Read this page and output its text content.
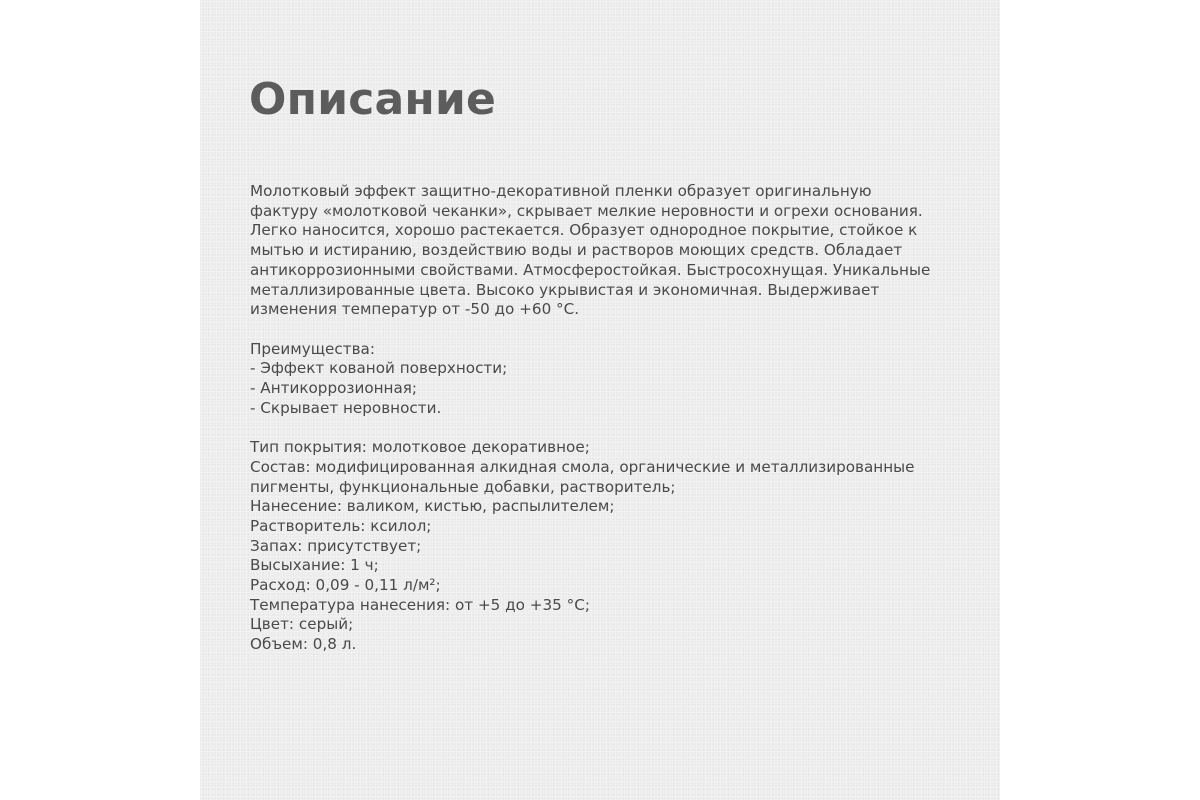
Описание

Молотковый эффект защитно-декоративной пленки образует оригинальную
фактуру «молотковой чеканки», скрывает мелкие неровности и огрехи основания.
Легко наносится, хорошо растекается. Образует однородное покрытие, стойкое к
мытью и истиранию, воздействию воды и растворов моющих средств. Обладает
антикоррозионными свойствами. Атмосферостойкая. Быстросохнущая. Уникальные
металлизированные цвета. Высоко укрывистая и экономичная. Выдерживает
изменения температур от -50 до +60 °С.

Преимущества:

- Эффект кованой поверхности;

- Антикоррозионная;

- Скрывает неровности.

Тип покрытия: молотковое декоративное;

Состав: модифицированная алкидная смола, органические и металлизированные
пигменты, функциональные добавки, растворитель;

Нанесение: валиком, кистью, распылителем;

Растворитель: ксилол;

Запах: присутствует;

Высыхание: 1 ч;

Расход: 0,09 - 0,11 л/м²;

Температура нанесения: от +5 до +35 °С;

Цвет: серый;

Объем: 0,8 л.
